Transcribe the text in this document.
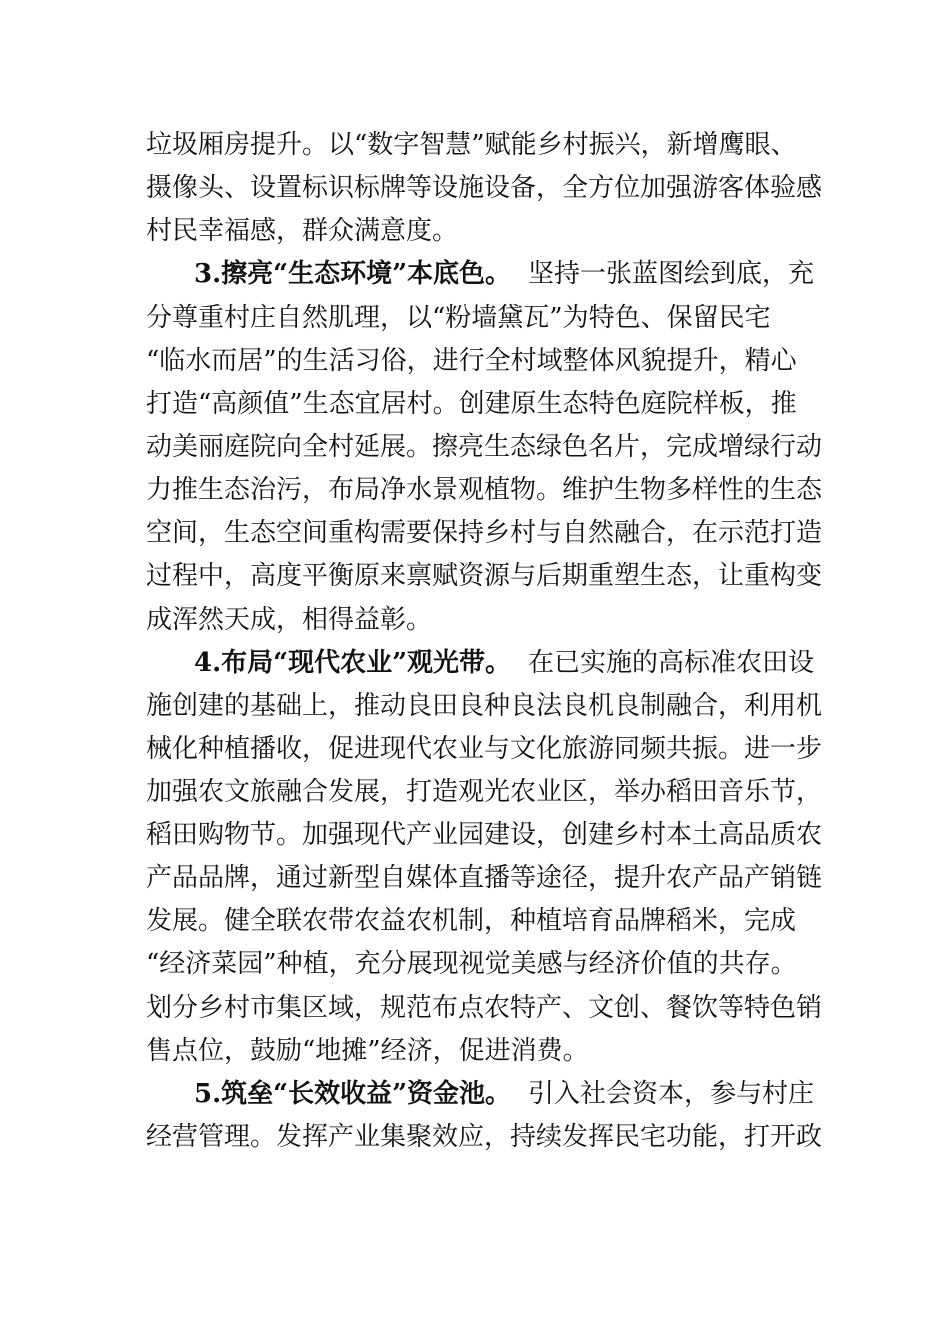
垃圾厢房提升。以“数字智慧”赋能乡村振兴，新增鹰眼、
摄像头、设置标识标牌等设施设备，全方位加强游客体验感
村民幸福感，群众满意度。
3.擦亮“生态环境”本底色。 坚持一张蓝图绘到底，充
分尊重村庄自然肌理，以“粉墙黛瓦”为特色、保留民宅
“临水而居”的生活习俗，进行全村域整体风貌提升，精心
打造“高颜值”生态宜居村。创建原生态特色庭院样板，推
动美丽庭院向全村延展。擦亮生态绿色名片，完成增绿行动
力推生态治污，布局净水景观植物。维护生物多样性的生态
空间，生态空间重构需要保持乡村与自然融合，在示范打造
过程中，高度平衡原来禀赋资源与后期重塑生态，让重构变
成浑然天成，相得益彰。
4.布局“现代农业”观光带。 在已实施的高标准农田设
施创建的基础上，推动良田良种良法良机良制融合，利用机
械化种植播收，促进现代农业与文化旅游同频共振。进一步
加强农文旅融合发展，打造观光农业区，举办稻田音乐节，
稻田购物节。加强现代产业园建设，创建乡村本土高品质农
产品品牌，通过新型自媒体直播等途径，提升农产品产销链
发展。健全联农带农益农机制，种植培育品牌稻米，完成
“经济菜园”种植，充分展现视觉美感与经济价值的共存。
划分乡村市集区域，规范布点农特产、文创、餐饮等特色销
售点位，鼓励“地摊”经济，促进消费。
5.筑垒“长效收益”资金池。 引入社会资本，参与村庄
经营管理。发挥产业集聚效应，持续发挥民宅功能，打开政
